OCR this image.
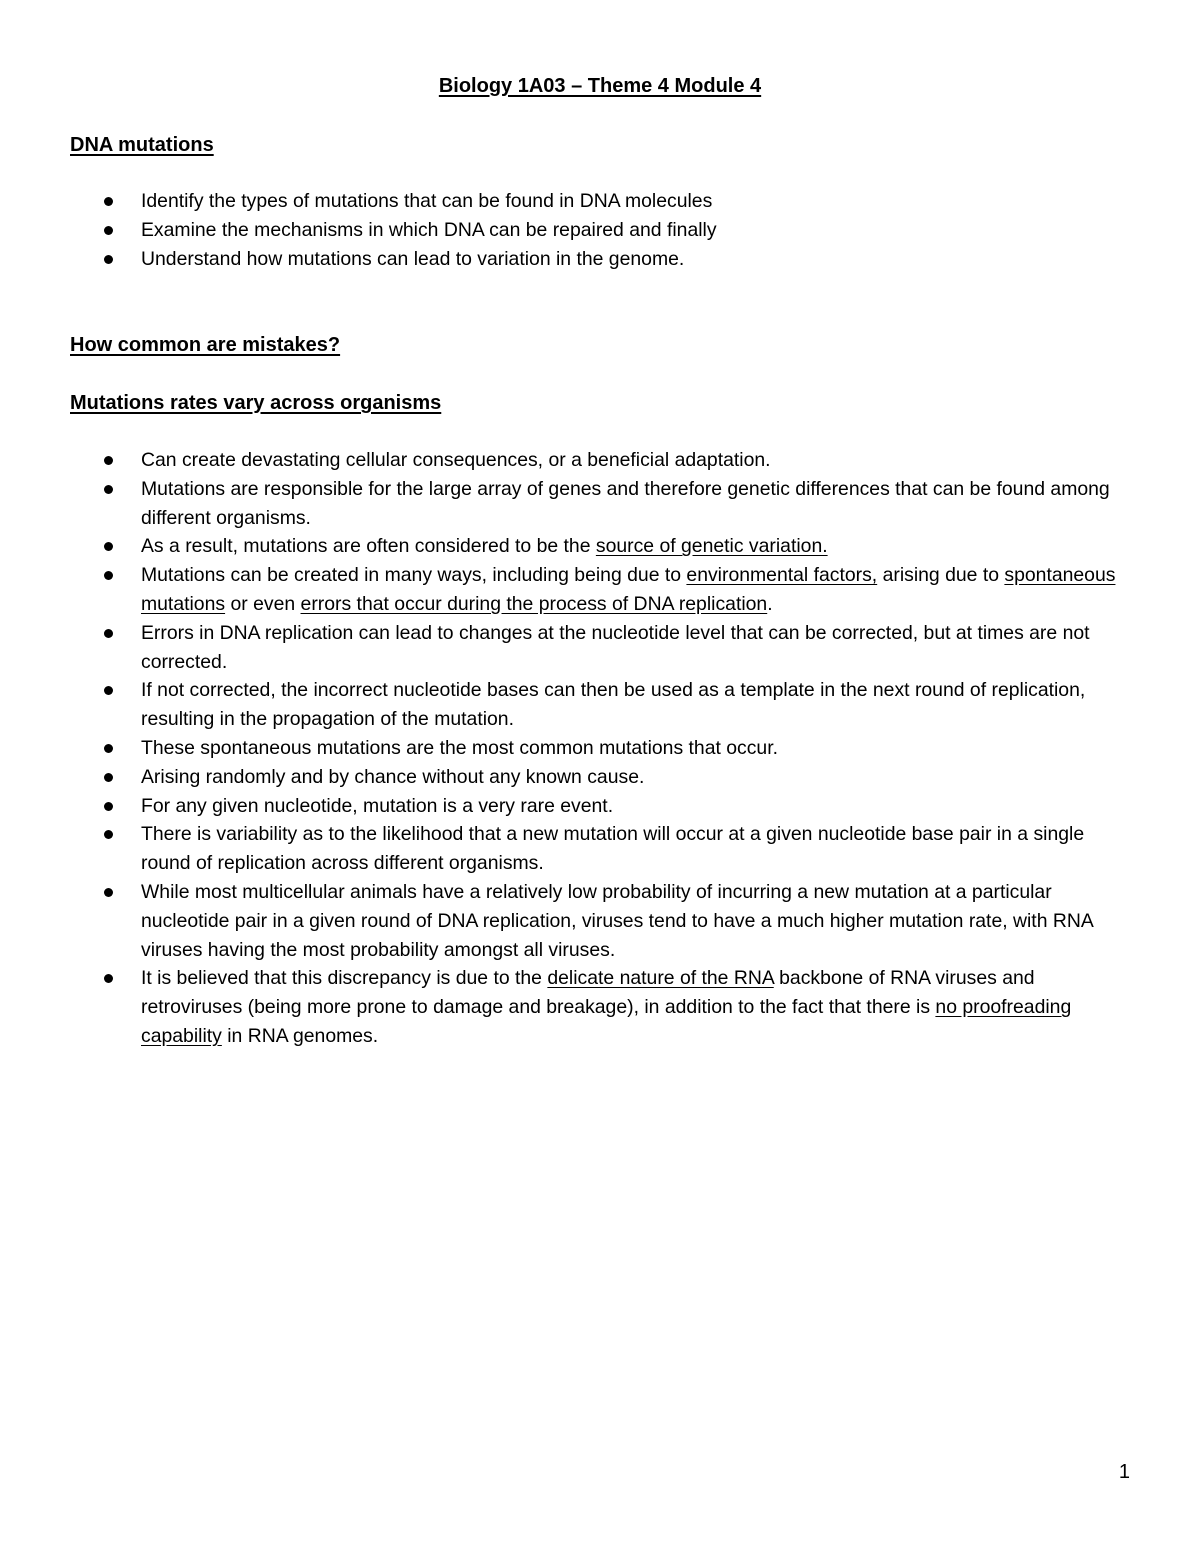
Biology 1A03 – Theme 4 Module 4
DNA mutations
Identify the types of mutations that can be found in DNA molecules
Examine the mechanisms in which DNA can be repaired and finally
Understand how mutations can lead to variation in the genome.
How common are mistakes?
Mutations rates vary across organisms
Can create devastating cellular consequences, or a beneficial adaptation.
Mutations are responsible for the large array of genes and therefore genetic differences that can be found among different organisms.
As a result, mutations are often considered to be the source of genetic variation.
Mutations can be created in many ways, including being due to environmental factors, arising due to spontaneous mutations or even errors that occur during the process of DNA replication.
Errors in DNA replication can lead to changes at the nucleotide level that can be corrected, but at times are not corrected.
If not corrected, the incorrect nucleotide bases can then be used as a template in the next round of replication, resulting in the propagation of the mutation.
These spontaneous mutations are the most common mutations that occur.
Arising randomly and by chance without any known cause.
For any given nucleotide, mutation is a very rare event.
There is variability as to the likelihood that a new mutation will occur at a given nucleotide base pair in a single round of replication across different organisms.
While most multicellular animals have a relatively low probability of incurring a new mutation at a particular nucleotide pair in a given round of DNA replication, viruses tend to have a much higher mutation rate, with RNA viruses having the most probability amongst all viruses.
It is believed that this discrepancy is due to the delicate nature of the RNA backbone of RNA viruses and retroviruses (being more prone to damage and breakage), in addition to the fact that there is no proofreading capability in RNA genomes.
1
